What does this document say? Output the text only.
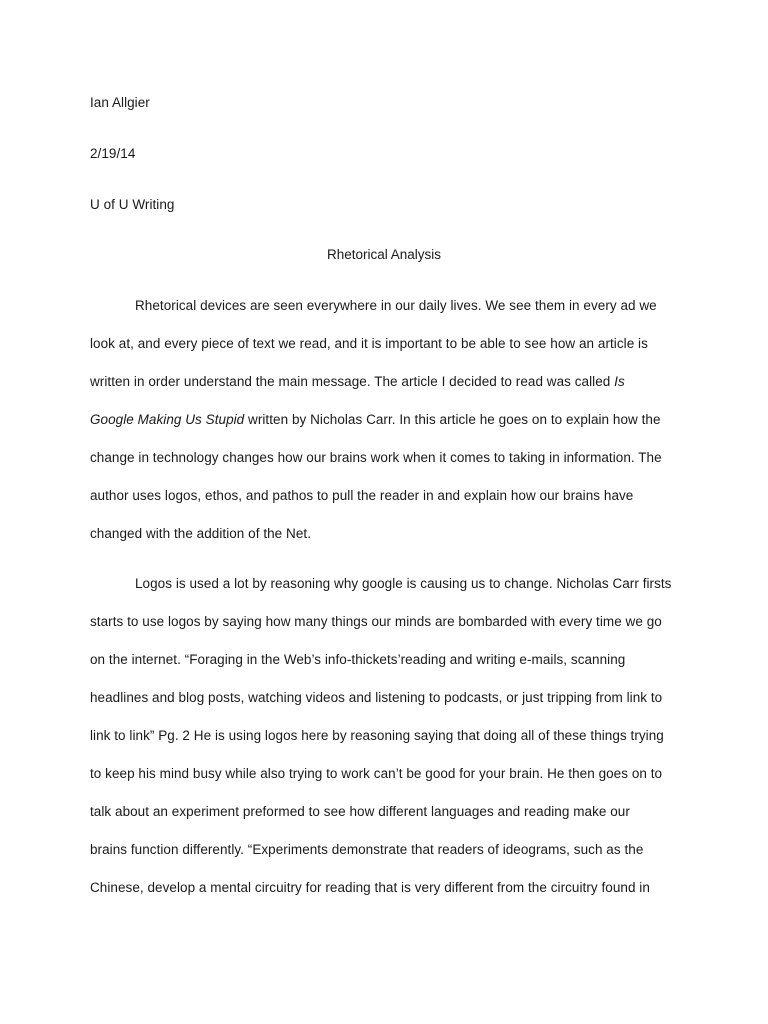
Ian Allgier
2/19/14
U of U Writing
Rhetorical Analysis
Rhetorical devices are seen everywhere in our daily lives. We see them in every ad we
look at, and every piece of text we read, and it is important to be able to see how an article is
written in order understand the main message. The article I decided to read was called Is
Google Making Us Stupid written by Nicholas Carr. In this article he goes on to explain how the
change in technology changes how our brains work when it comes to taking in information. The
author uses logos, ethos, and pathos to pull the reader in and explain how our brains have
changed with the addition of the Net.
Logos is used a lot by reasoning why google is causing us to change. Nicholas Carr firsts
starts to use logos by saying how many things our minds are bombarded with every time we go
on the internet. “Foraging in the Web’s info-thickets’reading and writing e-mails, scanning
headlines and blog posts, watching videos and listening to podcasts, or just tripping from link to
link to link” Pg. 2 He is using logos here by reasoning saying that doing all of these things trying
to keep his mind busy while also trying to work can’t be good for your brain. He then goes on to
talk about an experiment preformed to see how different languages and reading make our
brains function differently. “Experiments demonstrate that readers of ideograms, such as the
Chinese, develop a mental circuitry for reading that is very different from the circuitry found in
